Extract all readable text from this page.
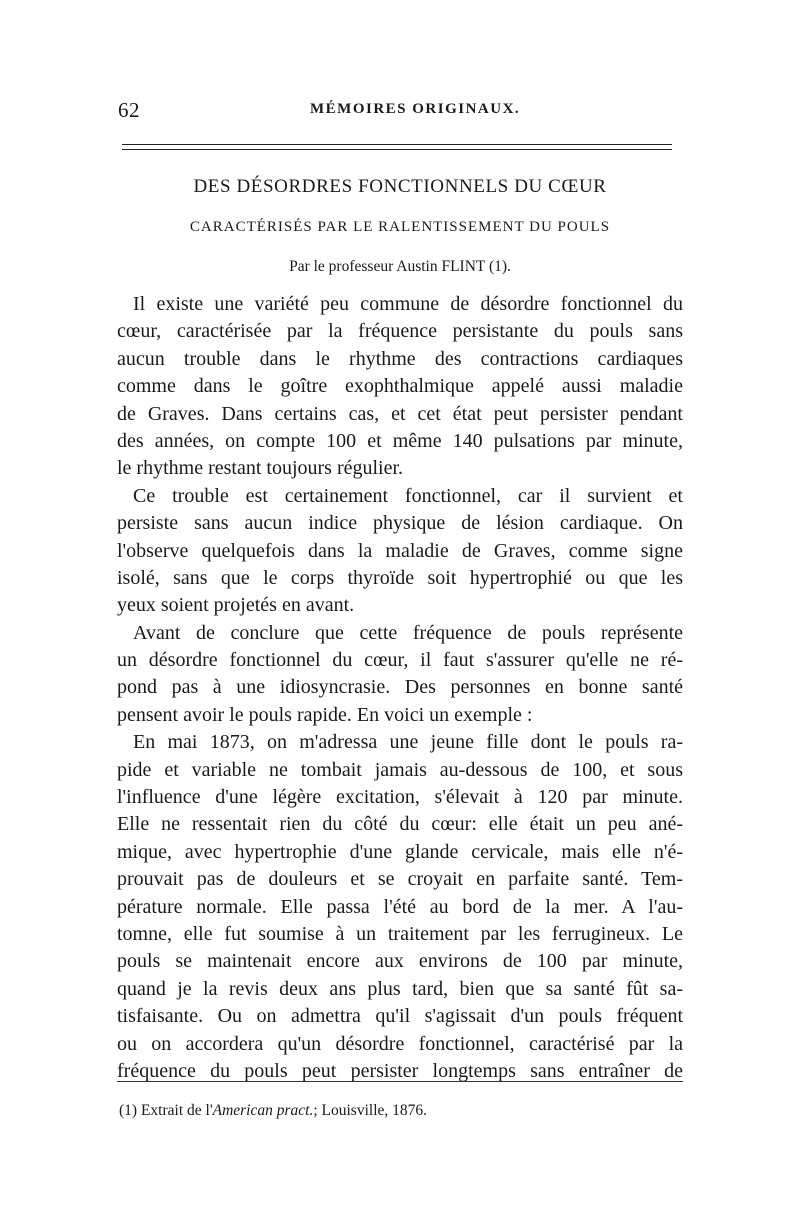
62	MÉMOIRES ORIGINAUX.
DES DÉSORDRES FONCTIONNELS DU CŒUR
CARACTÉRISÉS PAR LE RALENTISSEMENT DU POULS
Par le professeur Austin FLINT (1).
Il existe une variété peu commune de désordre fonctionnel du
cœur, caractérisée par la fréquence persistante du pouls sans
aucun trouble dans le rhythme des contractions cardiaques
comme dans le goître exophthalmique appelé aussi maladie
de Graves. Dans certains cas, et cet état peut persister pendant
des années, on compte 100 et même 140 pulsations par minute,
le rhythme restant toujours régulier.
Ce trouble est certainement fonctionnel, car il survient et
persiste sans aucun indice physique de lésion cardiaque. On
l'observe quelquefois dans la maladie de Graves, comme signe
isolé, sans que le corps thyroïde soit hypertrophié ou que les
yeux soient projetés en avant.
Avant de conclure que cette fréquence de pouls représente
un désordre fonctionnel du cœur, il faut s'assurer qu'elle ne ré-
pond pas à une idiosyncrasie. Des personnes en bonne santé
pensent avoir le pouls rapide. En voici un exemple :
En mai 1873, on m'adressa une jeune fille dont le pouls ra-
pide et variable ne tombait jamais au-dessous de 100, et sous
l'influence d'une légère excitation, s'élevait à 120 par minute.
Elle ne ressentait rien du côté du cœur: elle était un peu ané-
mique, avec hypertrophie d'une glande cervicale, mais elle n'é-
prouvait pas de douleurs et se croyait en parfaite santé. Tem-
pérature normale. Elle passa l'été au bord de la mer. A l'au-
tomne, elle fut soumise à un traitement par les ferrugineux. Le
pouls se maintenait encore aux environs de 100 par minute,
quand je la revis deux ans plus tard, bien que sa santé fût sa-
tisfaisante. Ou on admettra qu'il s'agissait d'un pouls fréquent
ou on accordera qu'un désordre fonctionnel, caractérisé par la
fréquence du pouls peut persister longtemps sans entraîner de
(1) Extrait de l'American pract.; Louisville, 1876.
